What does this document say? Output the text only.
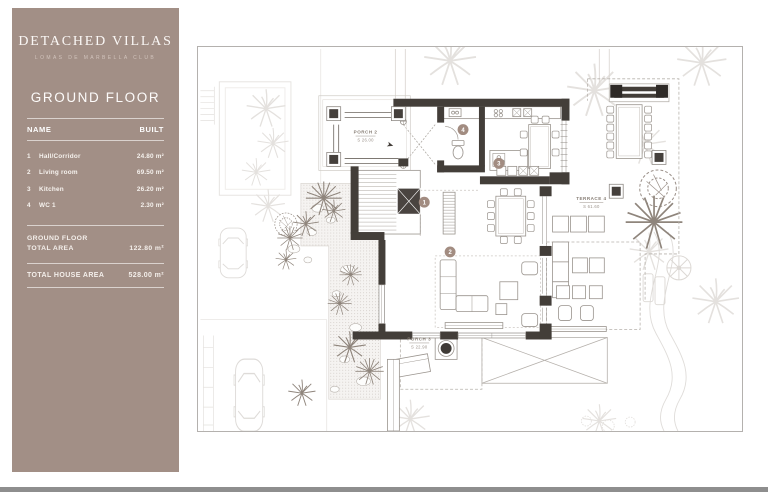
DETACHED VILLAS
LOMAS DE MARBELLA CLUB
GROUND FLOOR
NAME	BUILT
1	Hall/Corridor	24.80 m²
2	Living room	69.50 m²
3	Kitchen	26.20 m²
4	WC 1	2.30 m²
GROUND FLOOR
TOTAL AREA	122.80 m²
TOTAL HOUSE AREA	528.00 m²
PORCH 2
S 26.00
TERRACE 4
S 61.60
PORCH 3
S 22.90
1
2
3
4
